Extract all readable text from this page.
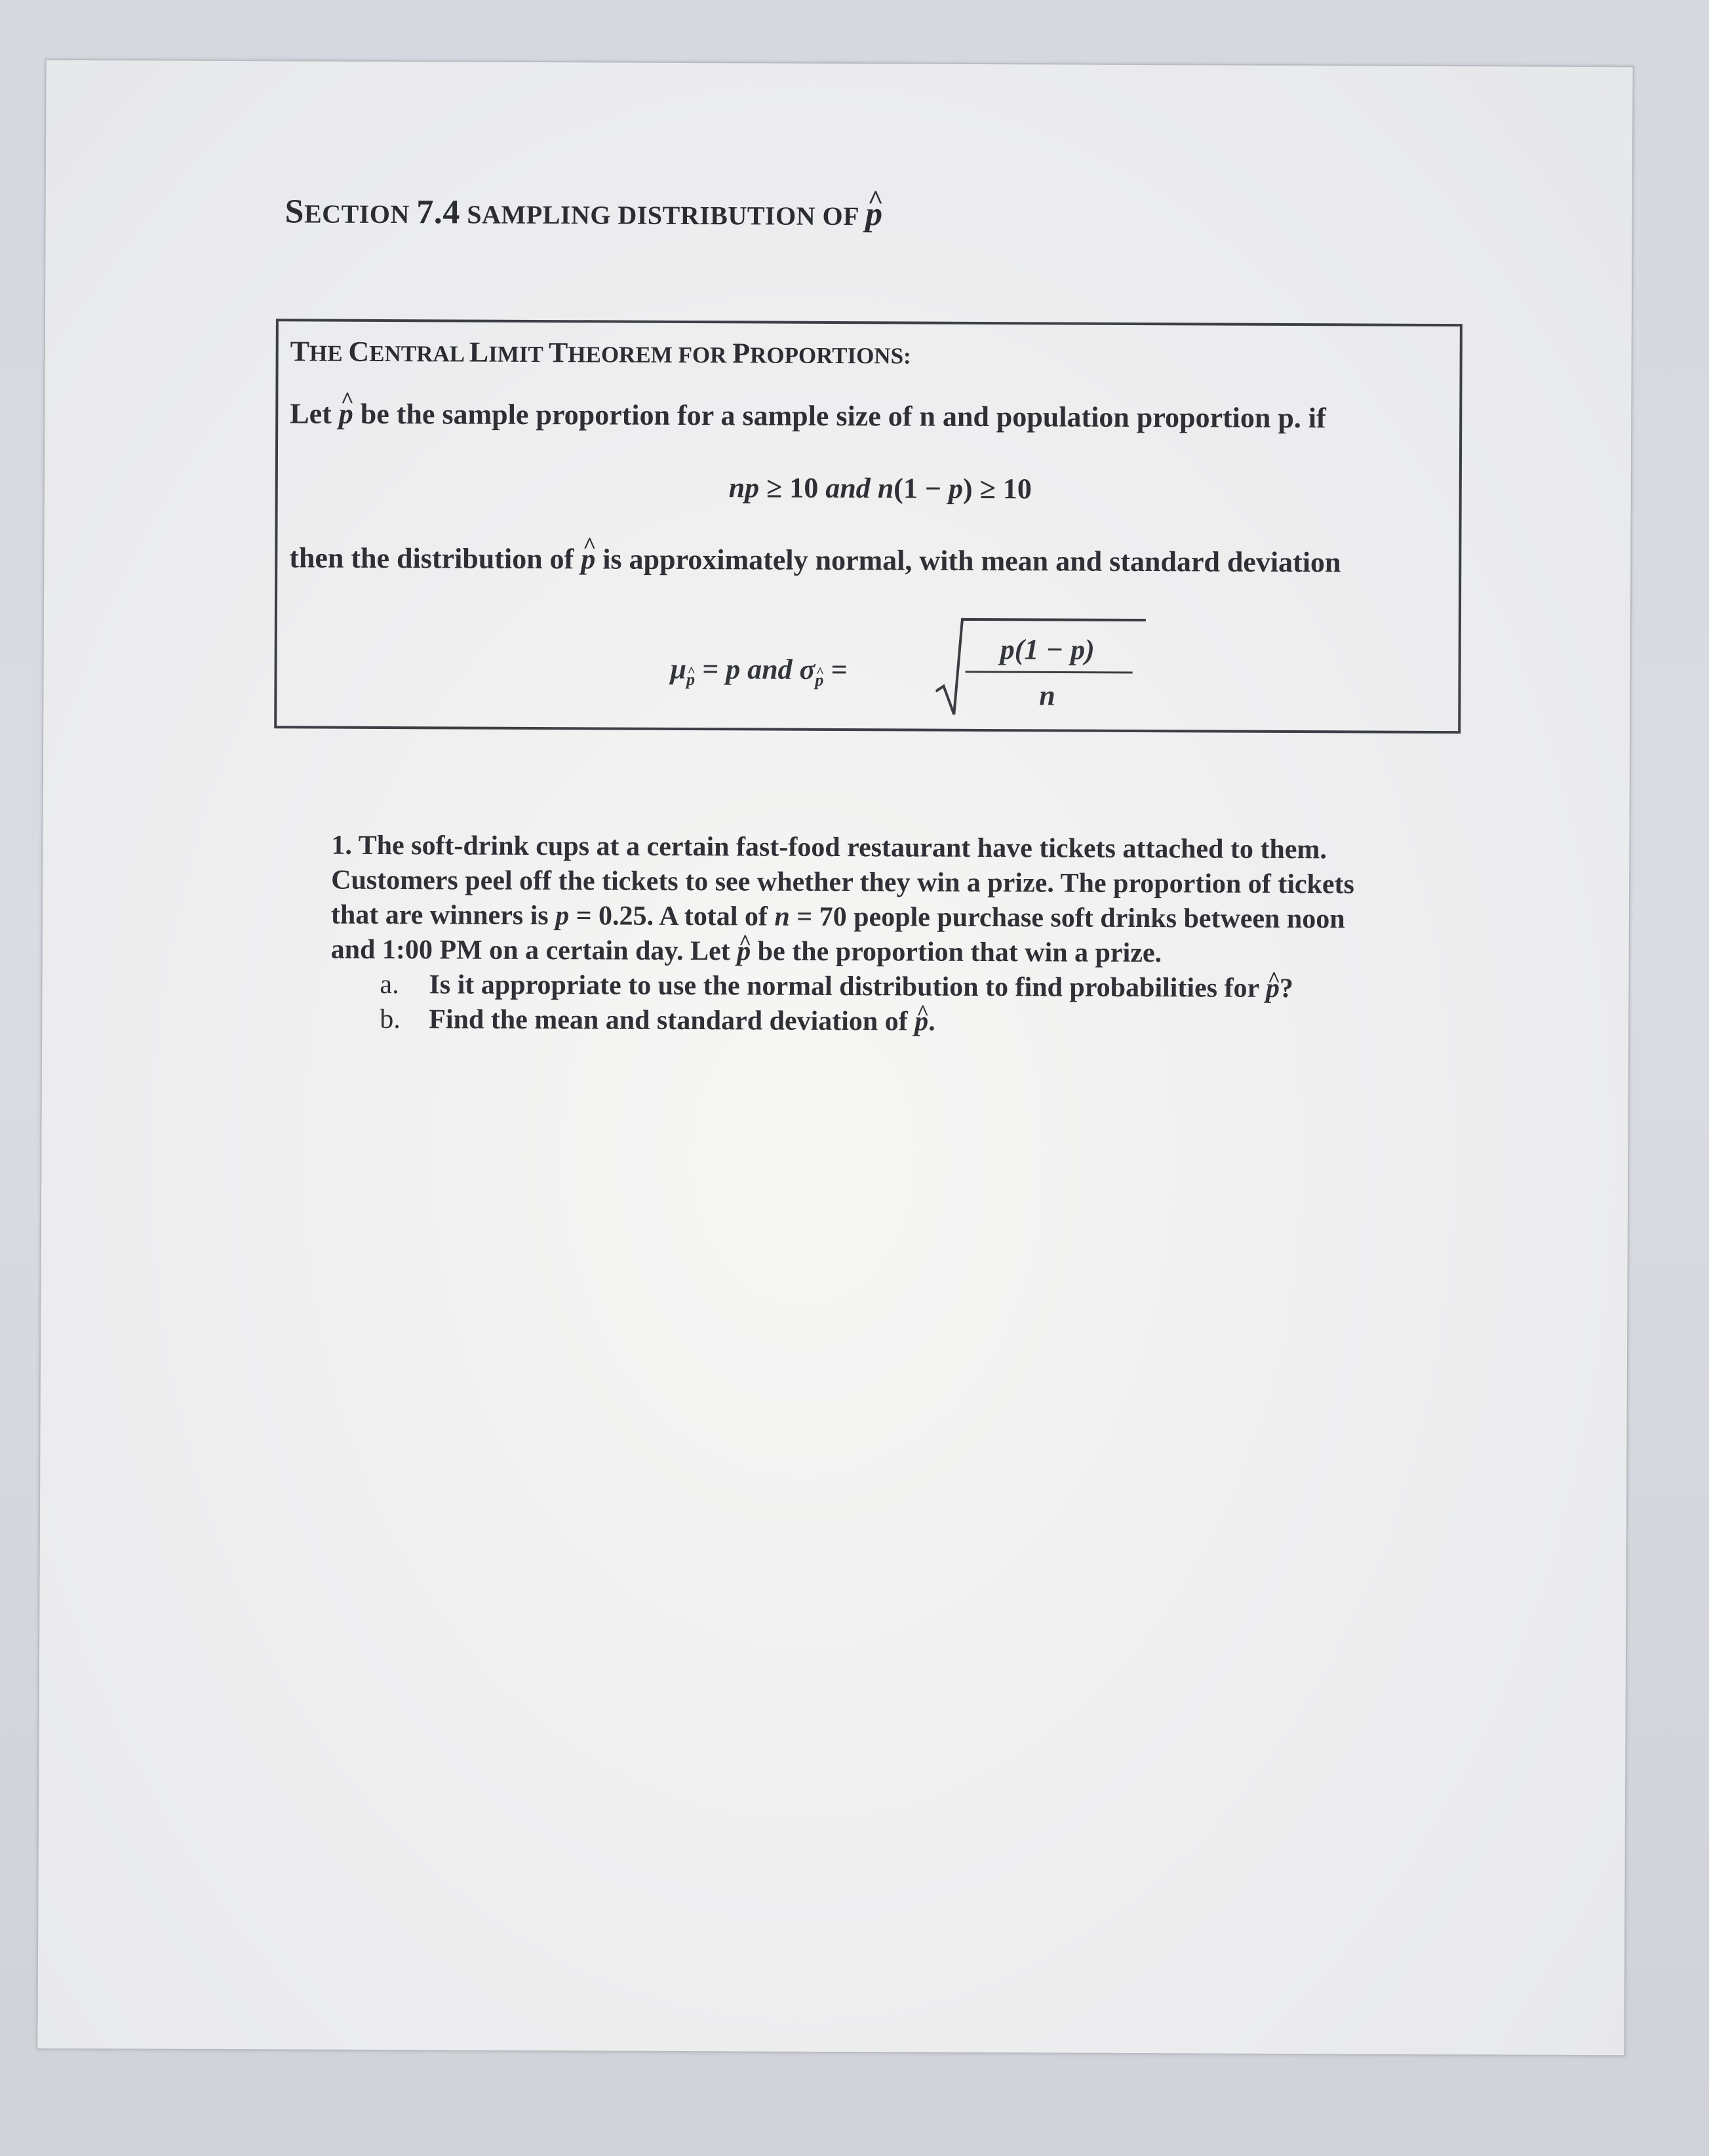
SECTION 7.4 SAMPLING DISTRIBUTION OF ^ p
THE CENTRAL LIMIT THEOREM FOR PROPORTIONS:
Let ^ p be the sample proportion for a sample size of n and population proportion p. if
np ≥ 10 and n(1 − p) ≥ 10
then the distribution of ^ p is approximately normal, with mean and standard deviation
μ^ $_p$ = p and σ^ $_p$ =
p(1 − p)
n
1. The soft-drink cups at a certain fast-food restaurant have tickets attached to them.
Customers peel off the tickets to see whether they win a prize. The proportion of tickets
that are winners is p = 0.25. A total of n = 70 people purchase soft drinks between noon
and 1:00 PM on a certain day. Let ^ p be the proportion that win a prize.
a. Is it appropriate to use the normal distribution to find probabilities for ^ p?
b. Find the mean and standard deviation of ^ p.
